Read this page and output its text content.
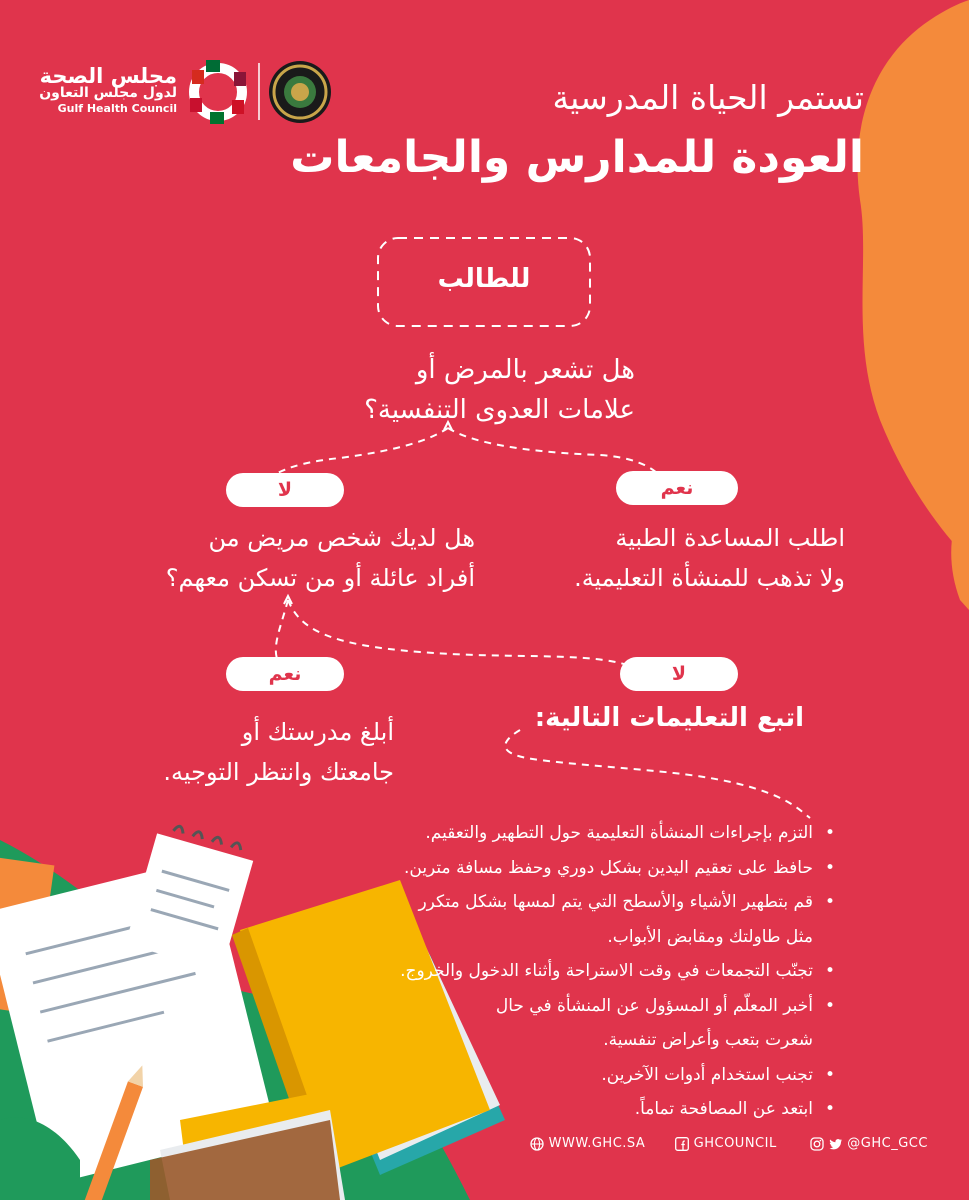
مجلس الصحة
لدول مجلس التعاون
Gulf Health Council	تستمر الحياة المدرسية
العودة للمدارس والجامعات
للطالب
هل تشعر بالمرض أو
علامات العدوى التنفسية؟
نعم
لا
اطلب المساعدة الطبية
ولا تذهب للمنشأة التعليمية.
هل لديك شخص مريض من
أفراد عائلة أو من تسكن معهم؟
نعم	لا
أبلغ مدرستك أو
جامعتك وانتظر التوجيه.
اتبع التعليمات التالية:
•
التزم بإجراءات المنشأة التعليمية حول التطهير والتعقيم.
•
حافظ على تعقيم اليدين بشكل دوري وحفظ مسافة مترين.
•
قم بتطهير الأشياء والأسطح التي يتم لمسها بشكل متكرر
مثل طاولتك ومقابض الأبواب.
•
تجنّب التجمعات في وقت الاستراحة وأثناء الدخول والخروج.
•
أخبر المعلّم أو المسؤول عن المنشأة في حال
شعرت بتعب وأعراض تنفسية.
•
تجنب استخدام أدوات الآخرين.
•
ابتعد عن المصافحة تماماً.
WWW.GHC.SA	GHCOUNCIL	@GHC_GCC
